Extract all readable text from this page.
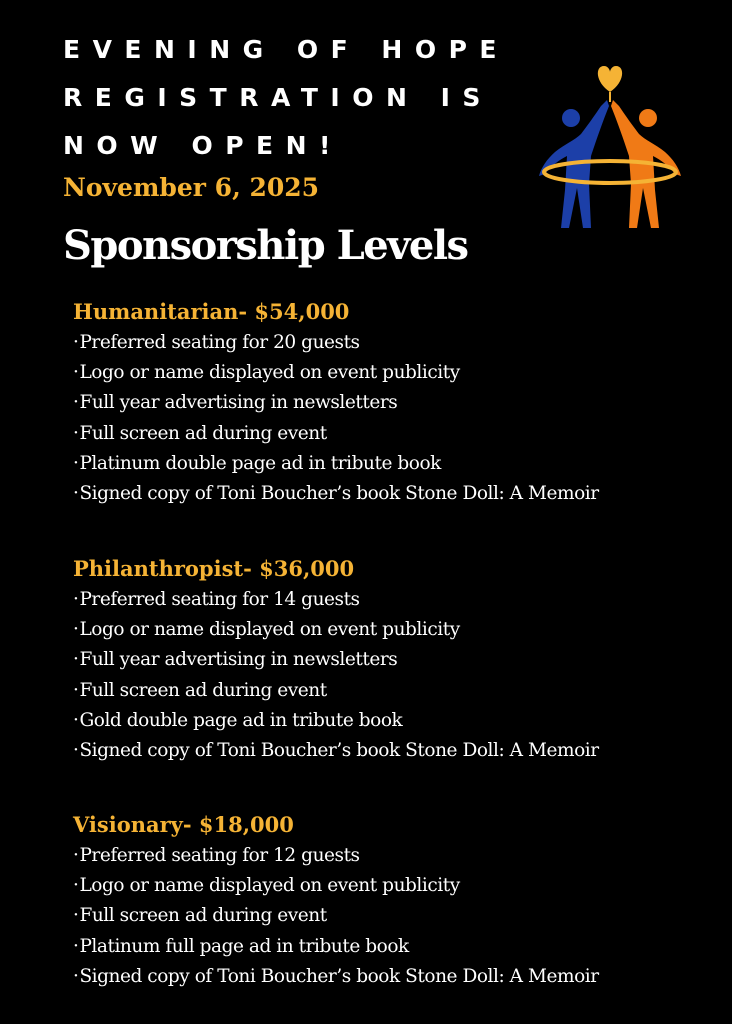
EVENING OF HOPE
REGISTRATION IS
NOW OPEN!

November 6, 2025

Sponsorship Levels
Humanitarian- $54,000
· Preferred seating for 20 guests
· Logo or name displayed on event publicity
· Full year advertising in newsletters
· Full screen ad during event
· Platinum double page ad in tribute book
· Signed copy of Toni Boucher’s book Stone Doll: A Memoir
Philanthropist- $36,000
· Preferred seating for 14 guests
· Logo or name displayed on event publicity
· Full year advertising in newsletters
· Full screen ad during event
· Gold double page ad in tribute book
· Signed copy of Toni Boucher’s book Stone Doll: A Memoir
Visionary- $18,000
· Preferred seating for 12 guests
· Logo or name displayed on event publicity
· Full screen ad during event
· Platinum full page ad in tribute book
· Signed copy of Toni Boucher’s book Stone Doll: A Memoir
